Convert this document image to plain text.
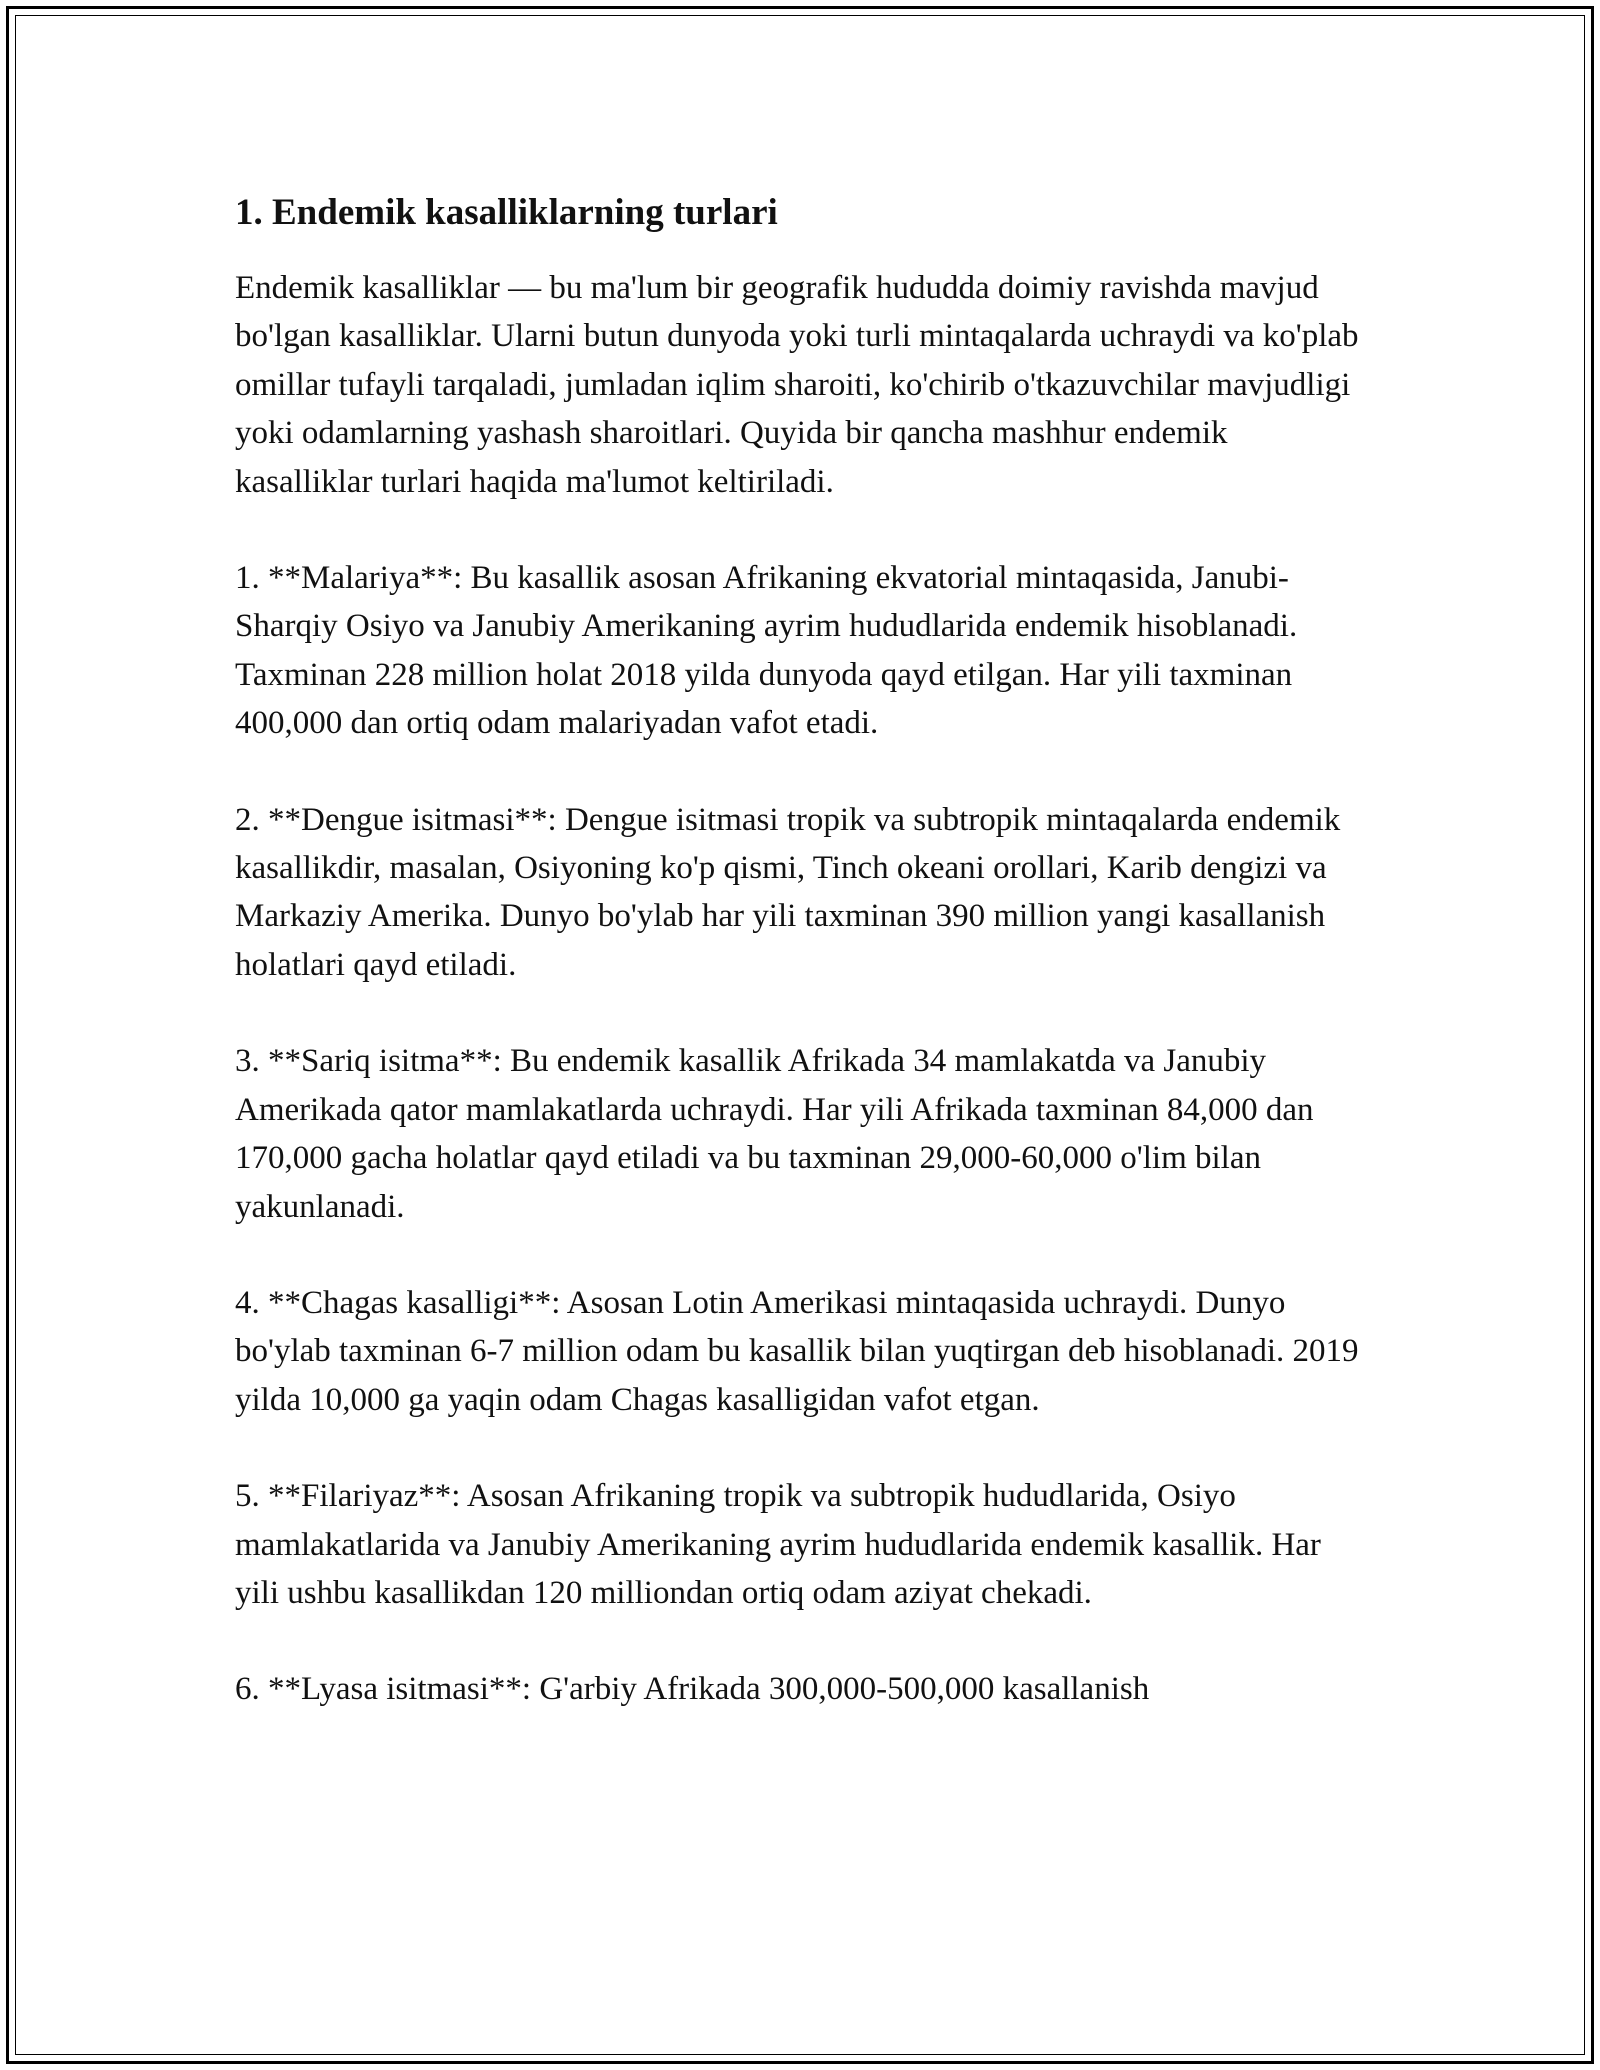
1. Endemik kasalliklarning turlari

Endemik kasalliklar — bu ma'lum bir geografik hududda doimiy ravishda mavjud bo'lgan kasalliklar. Ularni butun dunyoda yoki turli mintaqalarda uchraydi va ko'plab omillar tufayli tarqaladi, jumladan iqlim sharoiti, ko'chirib o'tkazuvchilar mavjudligi yoki odamlarning yashash sharoitlari. Quyida bir qancha mashhur endemik kasalliklar turlari haqida ma'lumot keltiriladi.

1. **Malariya**: Bu kasallik asosan Afrikaning ekvatorial mintaqasida, Janubi-Sharqiy Osiyo va Janubiy Amerikaning ayrim hududlarida endemik hisoblanadi. Taxminan 228 million holat 2018 yilda dunyoda qayd etilgan. Har yili taxminan 400,000 dan ortiq odam malariyadan vafot etadi.

2. **Dengue isitmasi**: Dengue isitmasi tropik va subtropik mintaqalarda endemik kasallikdir, masalan, Osiyoning ko'p qismi, Tinch okeani orollari, Karib dengizi va Markaziy Amerika. Dunyo bo'ylab har yili taxminan 390 million yangi kasallanish holatlari qayd etiladi.

3. **Sariq isitma**: Bu endemik kasallik Afrikada 34 mamlakatda va Janubiy Amerikada qator mamlakatlarda uchraydi. Har yili Afrikada taxminan 84,000 dan 170,000 gacha holatlar qayd etiladi va bu taxminan 29,000-60,000 o'lim bilan yakunlanadi.

4. **Chagas kasalligi**: Asosan Lotin Amerikasi mintaqasida uchraydi. Dunyo bo'ylab taxminan 6-7 million odam bu kasallik bilan yuqtirgan deb hisoblanadi. 2019 yilda 10,000 ga yaqin odam Chagas kasalligidan vafot etgan.

5. **Filariyaz**: Asosan Afrikaning tropik va subtropik hududlarida, Osiyo mamlakatlarida va Janubiy Amerikaning ayrim hududlarida endemik kasallik. Har yili ushbu kasallikdan 120 milliondan ortiq odam aziyat chekadi.

6. **Lyasa isitmasi**: G'arbiy Afrikada 300,000-500,000 kasallanish
